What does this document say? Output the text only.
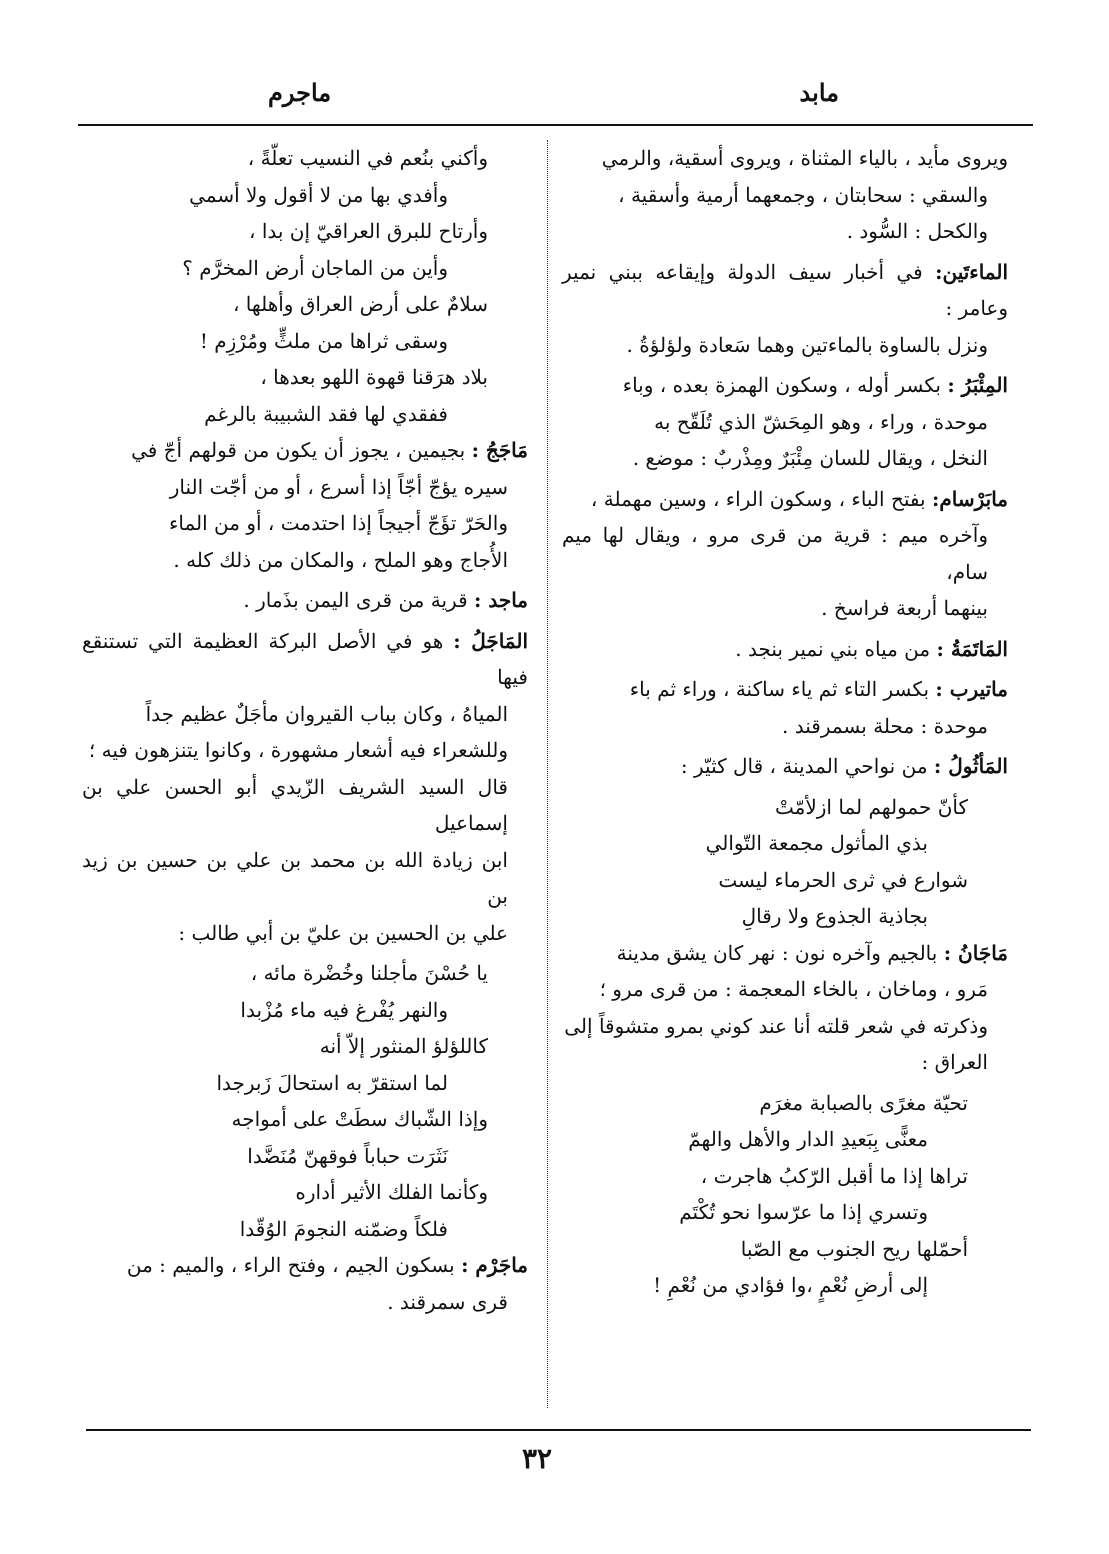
مابد
ماجرم
ويروى مأيد ، بالياء المثناة ، ويروى أسقية، والرمي
والسقي : سحابتان ، وجمعهما أرمية وأسقية ،
والكحل : السُّود .
الماءتَين: في أخبار سيف الدولة وإيقاعه ببني نمير وعامر :
ونزل بالساوة بالماءتين وهما سَعادة ولؤلؤةُ .
المِئْبَرُ : بكسر أوله ، وسكون الهمزة بعده ، وباء
موحدة ، وراء ، وهو المِحَشّ الذي تُلَقّح به
النخل ، ويقال للسان مِئْبَرٌ ومِذْربٌ : موضع .
مابَرْسام: بفتح الباء ، وسكون الراء ، وسين مهملة ،
وآخره ميم : قرية من قرى مرو ، ويقال لها ميم سام،
بينهما أربعة فراسخ .
المَاتَمَةُ : من مياه بني نمير بنجد .
ماتيرب : بكسر التاء ثم ياء ساكنة ، وراء ثم باء
موحدة : محلة بسمرقند .
المَأثُولُ : من نواحي المدينة ، قال كثيّر :
كأنّ حمولهم لما ازلأمّتْ
بذي المأثول مجمعة التّوالي
شوارع في ثرى الحرماء ليست
بجاذية الجذوع ولا رقالِ
مَاجَانُ : بالجيم وآخره نون : نهر كان يشق مدينة
مَرو ، وماخان ، بالخاء المعجمة : من قرى مرو ؛
وذكرته في شعر قلته أنا عند كوني بمرو متشوقاً إلى
العراق :
تحيّة مغرًى بالصبابة مغرَم
معنًّى بِبَعيدِ الدار والأهل والهمّ
تراها إذا ما أقبل الرّكبُ هاجرت ،
وتسري إذا ما عرّسوا نحو تُكْتَم
أحمّلها ريح الجنوب مع الصّبا
إلى أرضِ نُعْمٍ ،وا فؤادي من نُعْمِ !
وأكني بنُعم في النسيب تعلّةً ،
وأفدي بها من لا أقول ولا أسمي
وأرتاح للبرق العراقيّ إن بدا ،
وأين من الماجان أرض المخرَّم ؟
سلامٌ على أرض العراق وأهلها ،
وسقى ثراها من ملثٍّ ومُرْزِم !
بلاد هرَقنا قهوة اللهو بعدها ،
ففقدي لها فقد الشبيبة بالرغم
مَاجَجُ : بجيمين ، يجوز أن يكون من قولهم أجّ في
سيره يؤجّ أجّاً إذا أسرع ، أو من أجّت النار
والحَرّ تؤَجّ أجيجاً إذا احتدمت ، أو من الماء
الأُجاج وهو الملح ، والمكان من ذلك كله .
ماجد : قرية من قرى اليمن بذَمار .
المَاجَلُ : هو في الأصل البركة العظيمة التي تستنقع فيها
المياهُ ، وكان بباب القيروان مأجَلٌ عظيم جداً
وللشعراء فيه أشعار مشهورة ، وكانوا يتنزهون فيه ؛
قال السيد الشريف الزّيدي أبو الحسن علي بن إسماعيل
ابن زيادة الله بن محمد بن علي بن حسين بن زيد بن
علي بن الحسين بن عليّ بن أبي طالب :
يا حُسْنَ مأجلنا وخُضْرة مائه ،
والنهر يُفْرغ فيه ماء مُزْبدا
كاللؤلؤ المنثور إلاّ أنه
لما استقرّ به استحالَ زَبرجدا
وإذا الشّباك سطَتْ على أمواجه
نَثَرَت حباباً فوقهنّ مُنَضَّدا
وكأنما الفلك الأثير أداره
فلكاً وضمّنه النجومَ الوُقّدا
ماجَرْم : بسكون الجيم ، وفتح الراء ، والميم : من
قرى سمرقند .
٣٢
